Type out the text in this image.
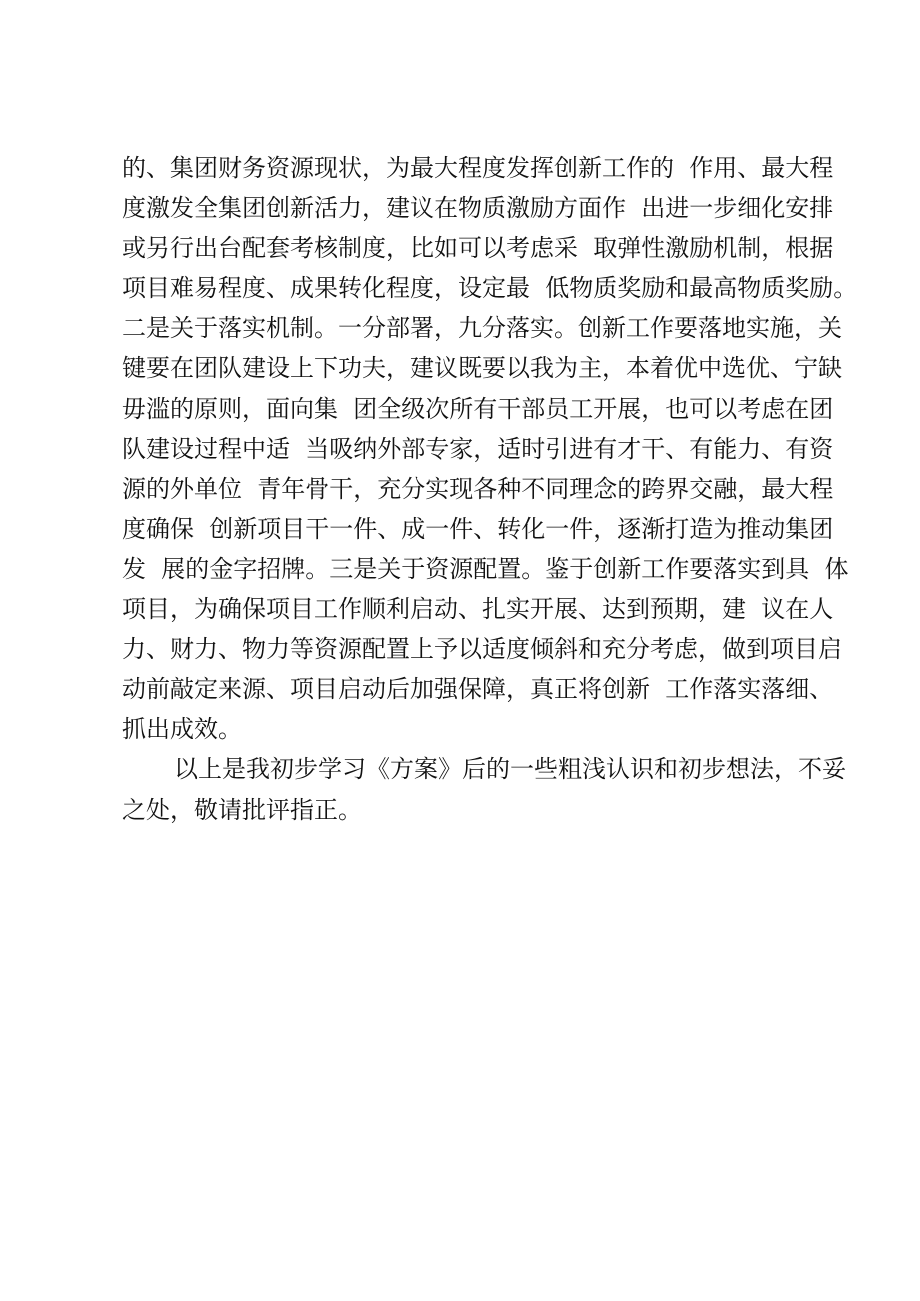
的、集团财务资源现状，为最大程度发挥创新工作的  作用、最大程
度激发全集团创新活力，建议在物质激励方面作  出进一步细化安排
或另行出台配套考核制度，比如可以考虑采  取弹性激励机制，根据
项目难易程度、成果转化程度，设定最  低物质奖励和最高物质奖励。
二是关于落实机制。一分部署，九分落实。创新工作要落地实施，关
键要在团队建设上下功夫，建议既要以我为主，本着优中选优、宁缺
毋滥的原则，面向集  团全级次所有干部员工开展，也可以考虑在团
队建设过程中适  当吸纳外部专家，适时引进有才干、有能力、有资
源的外单位  青年骨干，充分实现各种不同理念的跨界交融，最大程
度确保  创新项目干一件、成一件、转化一件，逐渐打造为推动集团
发  展的金字招牌。三是关于资源配置。鉴于创新工作要落实到具  体
项目，为确保项目工作顺利启动、扎实开展、达到预期，建  议在人
力、财力、物力等资源配置上予以适度倾斜和充分考虑，做到项目启
动前敲定来源、项目启动后加强保障，真正将创新  工作落实落细、
抓出成效。
以上是我初步学习《方案》后的一些粗浅认识和初步想法，不妥
之处，敬请批评指正。
